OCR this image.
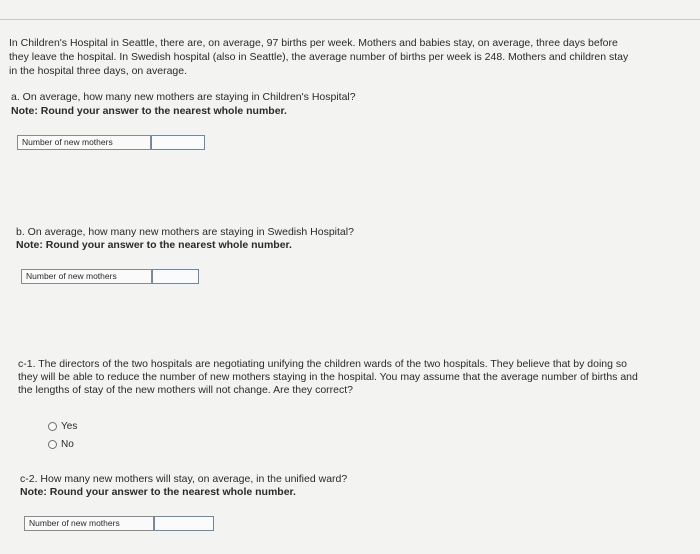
In Children's Hospital in Seattle, there are, on average, 97 births per week. Mothers and babies stay, on average, three days before

they leave the hospital. In Swedish hospital (also in Seattle), the average number of births per week is 248. Mothers and children stay

in the hospital three days, on average.

a. On average, how many new mothers are staying in Children's Hospital?

Note: Round your answer to the nearest whole number.

Number of new mothers

b. On average, how many new mothers are staying in Swedish Hospital?

Note: Round your answer to the nearest whole number.

Number of new mothers

c-1. The directors of the two hospitals are negotiating unifying the children wards of the two hospitals. They believe that by doing so

they will be able to reduce the number of new mothers staying in the hospital. You may assume that the average number of births and

the lengths of stay of the new mothers will not change. Are they correct?

Yes
No

c-2. How many new mothers will stay, on average, in the unified ward?

Note: Round your answer to the nearest whole number.

Number of new mothers
